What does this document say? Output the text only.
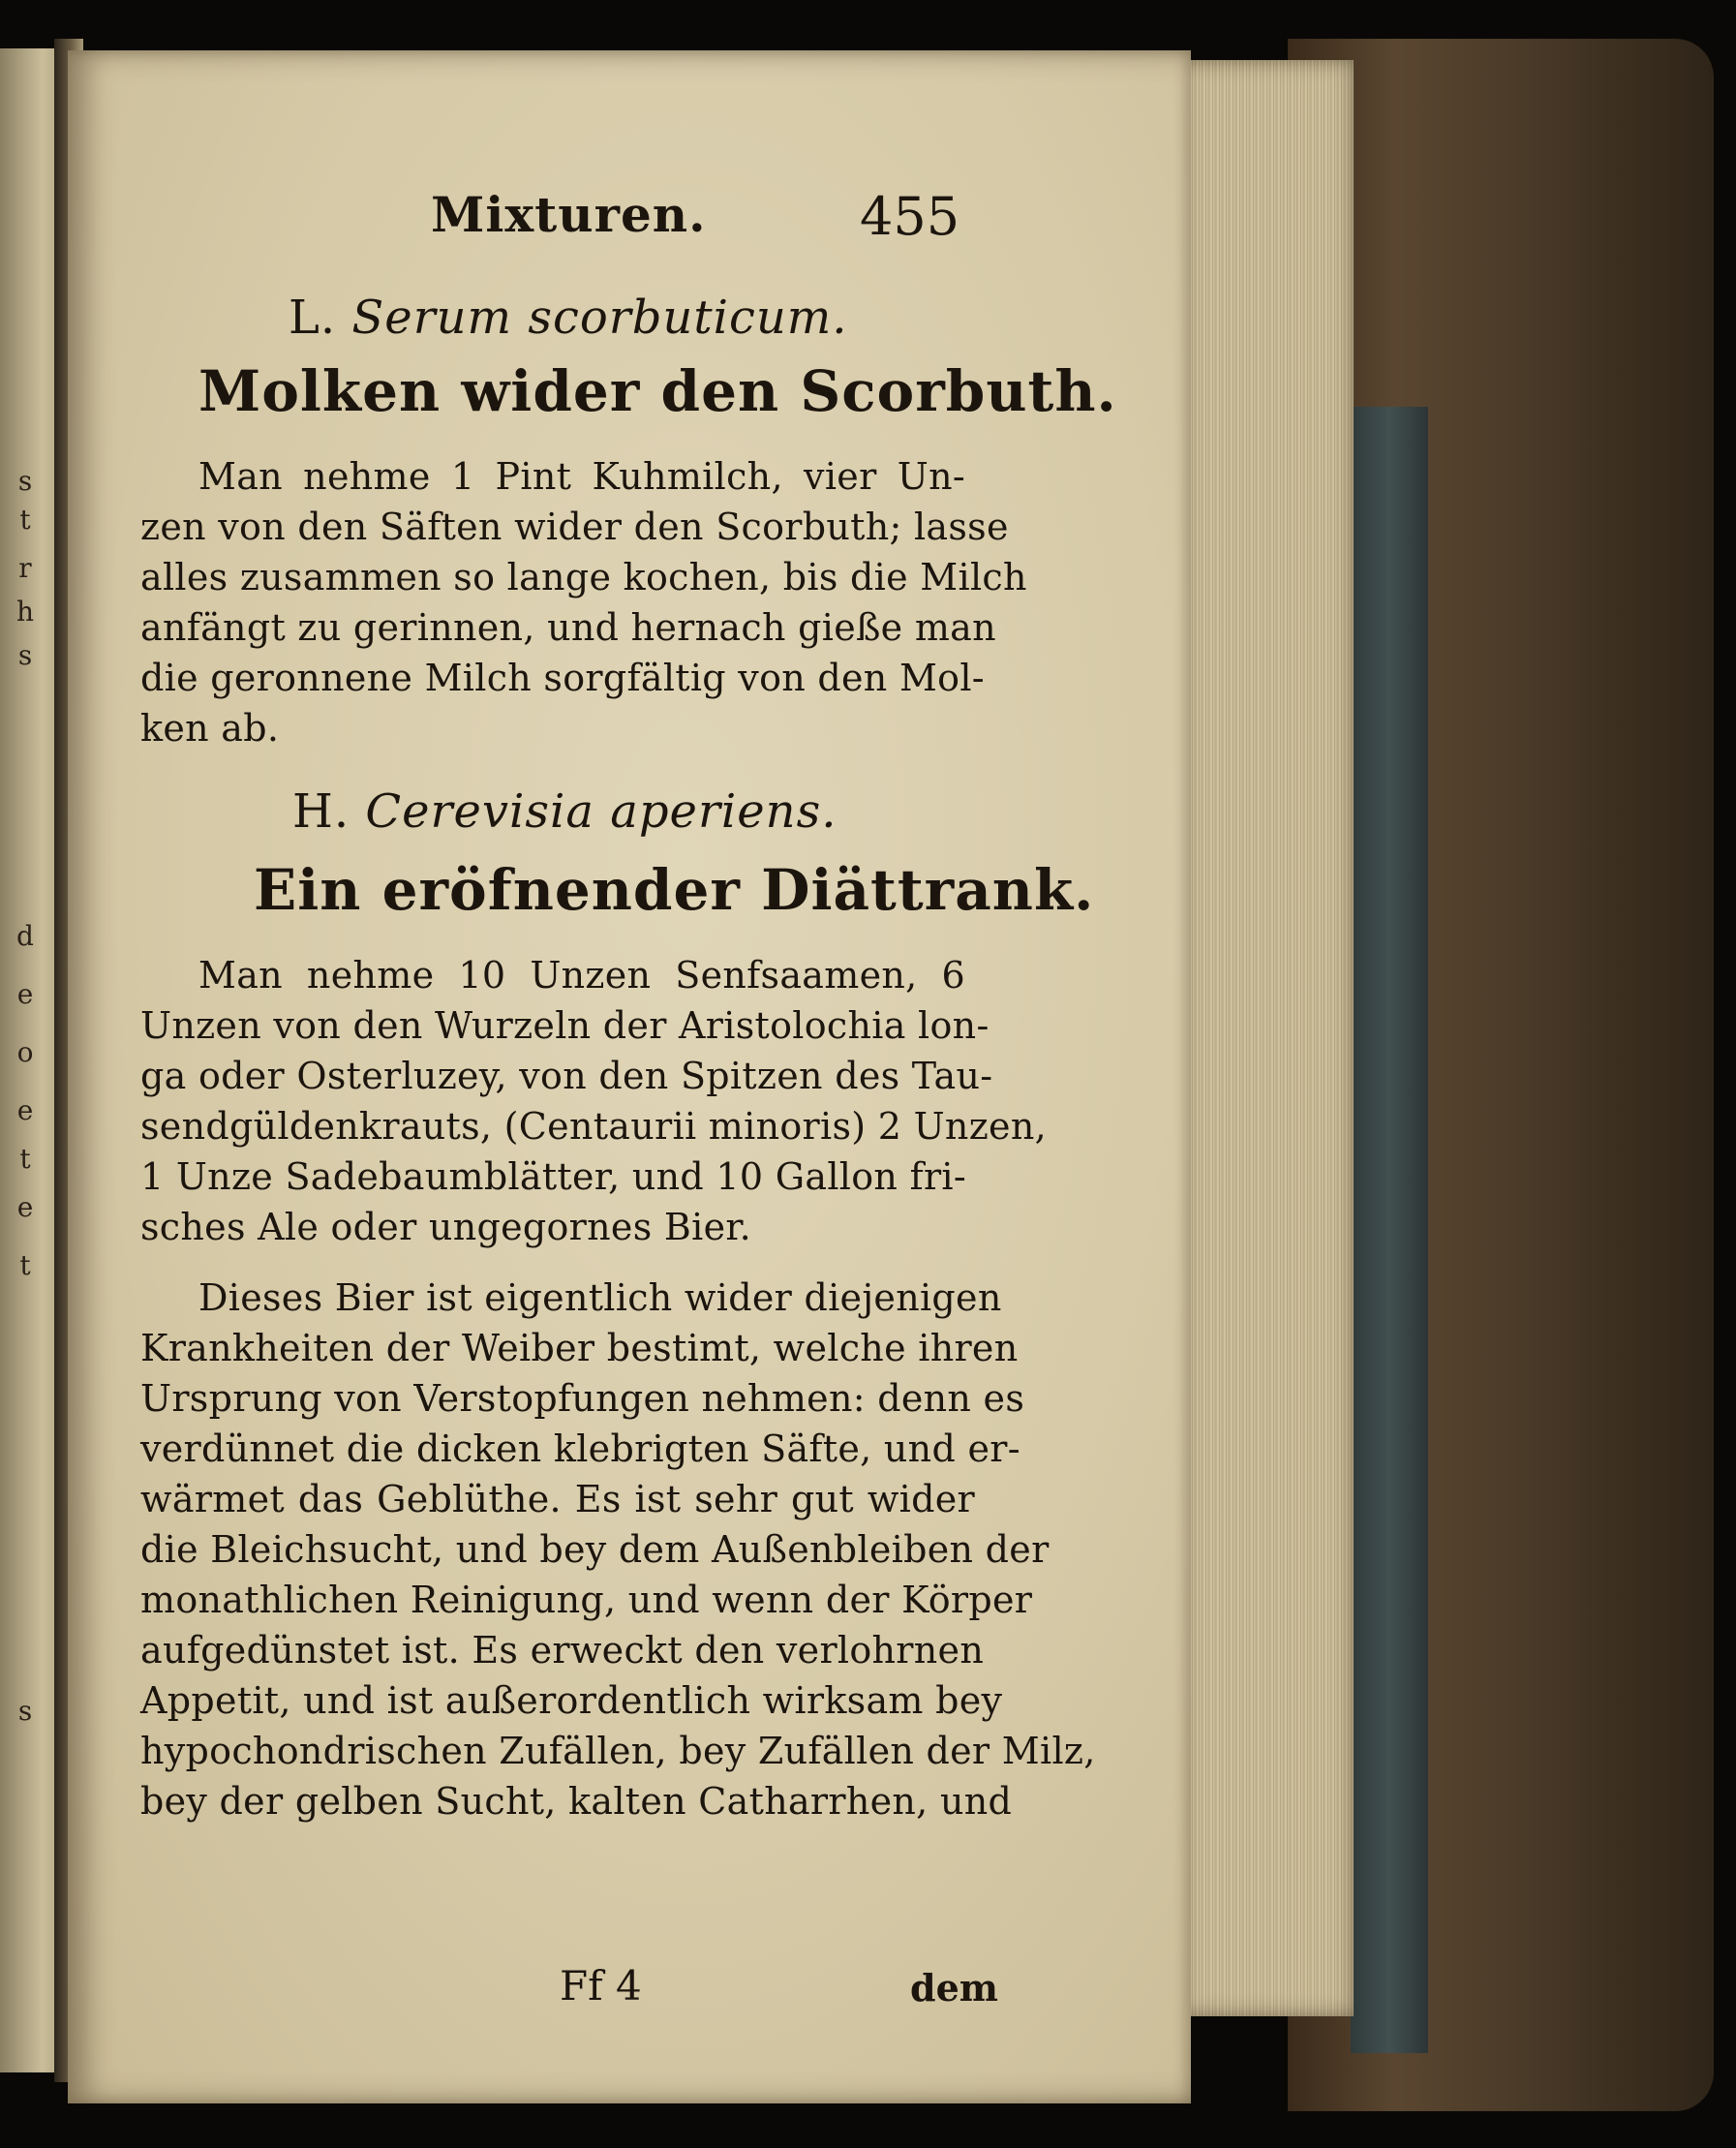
s
t
r
h
s
d
e
o
e
t
e
t
s
Mixturen.	455
L. Serum scorbuticum.
Molken wider den Scorbuth.
Man nehme 1 Pint Kuhmilch, vier Un-
zen von den Säften wider den Scorbuth; lasse
alles zusammen so lange kochen, bis die Milch
anfängt zu gerinnen, und hernach gieße man
die geronnene Milch sorgfältig von den Mol-
ken ab.
H. Cerevisia aperiens.
Ein eröfnender Diättrank.
Man nehme 10 Unzen Senfsaamen, 6
Unzen von den Wurzeln der Aristolochia lon-
ga oder Osterluzey, von den Spitzen des Tau-
sendgüldenkrauts, (Centaurii minoris) 2 Unzen,
1 Unze Sadebaumblätter, und 10 Gallon fri-
sches Ale oder ungegornes Bier.
Dieses Bier ist eigentlich wider diejenigen
Krankheiten der Weiber bestimt, welche ihren
Ursprung von Verstopfungen nehmen: denn es
verdünnet die dicken klebrigten Säfte, und er-
wärmet das Geblüthe. Es ist sehr gut wider
die Bleichsucht, und bey dem Außenbleiben der
monathlichen Reinigung, und wenn der Körper
aufgedünstet ist. Es erweckt den verlohrnen
Appetit, und ist außerordentlich wirksam bey
hypochondrischen Zufällen, bey Zufällen der Milz,
bey der gelben Sucht, kalten Catharrhen, und
Ff 4	dem
